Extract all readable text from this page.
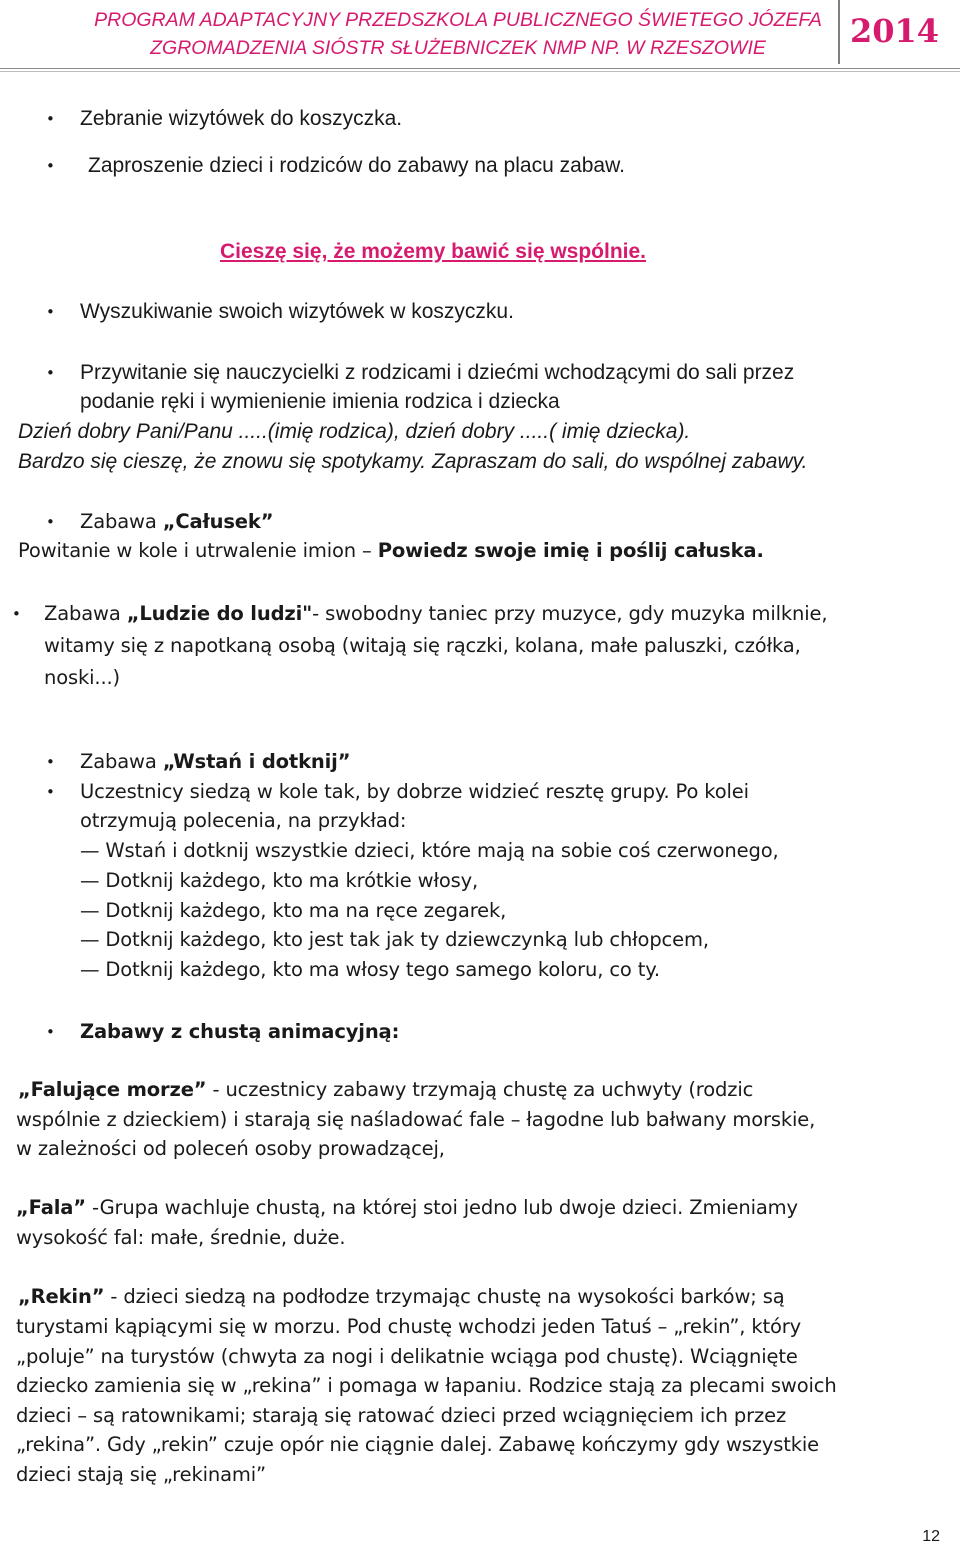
PROGRAM ADAPTACYJNY PRZEDSZKOLA PUBLICZNEGO ŚWIETEGO JÓZEFA
ZGROMADZENIA SIÓSTR SŁUŻEBNICZEK NMP NP. W RZESZOWIE	2014
•
•
•
•
•
•
•
•
•
Zebranie wizytówek do koszyczka.
Zaproszenie dzieci i rodziców do zabawy na placu zabaw.
Cieszę się, że możemy bawić się wspólnie.
Wyszukiwanie swoich wizytówek w koszyczku.
Przywitanie się nauczycielki z rodzicami i dziećmi wchodzącymi do sali przez
podanie ręki i wymienienie imienia rodzica i dziecka
Dzień dobry Pani/Panu .....(imię rodzica), dzień dobry .....( imię dziecka).
Bardzo się cieszę, że znowu się spotykamy. Zapraszam do sali, do wspólnej zabawy.
Zabawa „Całusek”
Powitanie w kole i utrwalenie imion – Powiedz swoje imię i poślij całuska.
Zabawa „Ludzie do ludzi"- swobodny taniec przy muzyce, gdy muzyka milknie,
witamy się z napotkaną osobą (witają się rączki, kolana, małe paluszki, czółka,
noski...)
Zabawa „Wstań i dotknij”
Uczestnicy siedzą w kole tak, by dobrze widzieć resztę grupy. Po kolei
otrzymują polecenia, na przykład:
— Wstań i dotknij wszystkie dzieci, które mają na sobie coś czerwonego,
— Dotknij każdego, kto ma krótkie włosy,
— Dotknij każdego, kto ma na ręce zegarek,
— Dotknij każdego, kto jest tak jak ty dziewczynką lub chłopcem,
— Dotknij każdego, kto ma włosy tego samego koloru, co ty.
Zabawy z chustą animacyjną:
„Falujące morze” - uczestnicy zabawy trzymają chustę za uchwyty (rodzic
wspólnie z dzieckiem) i starają się naśladować fale – łagodne lub bałwany morskie,
w zależności od poleceń osoby prowadzącej,
„Fala” -Grupa wachluje chustą, na której stoi jedno lub dwoje dzieci. Zmieniamy
wysokość fal: małe, średnie, duże.
„Rekin” - dzieci siedzą na podłodze trzymając chustę na wysokości barków; są
turystami kąpiącymi się w morzu. Pod chustę wchodzi jeden Tatuś – „rekin”, który
„poluje” na turystów (chwyta za nogi i delikatnie wciąga pod chustę). Wciągnięte
dziecko zamienia się w „rekina” i pomaga w łapaniu. Rodzice stają za plecami swoich
dzieci – są ratownikami; starają się ratować dzieci przed wciągnięciem ich przez
„rekina”. Gdy „rekin” czuje opór nie ciągnie dalej. Zabawę kończymy gdy wszystkie
dzieci stają się „rekinami”
12
